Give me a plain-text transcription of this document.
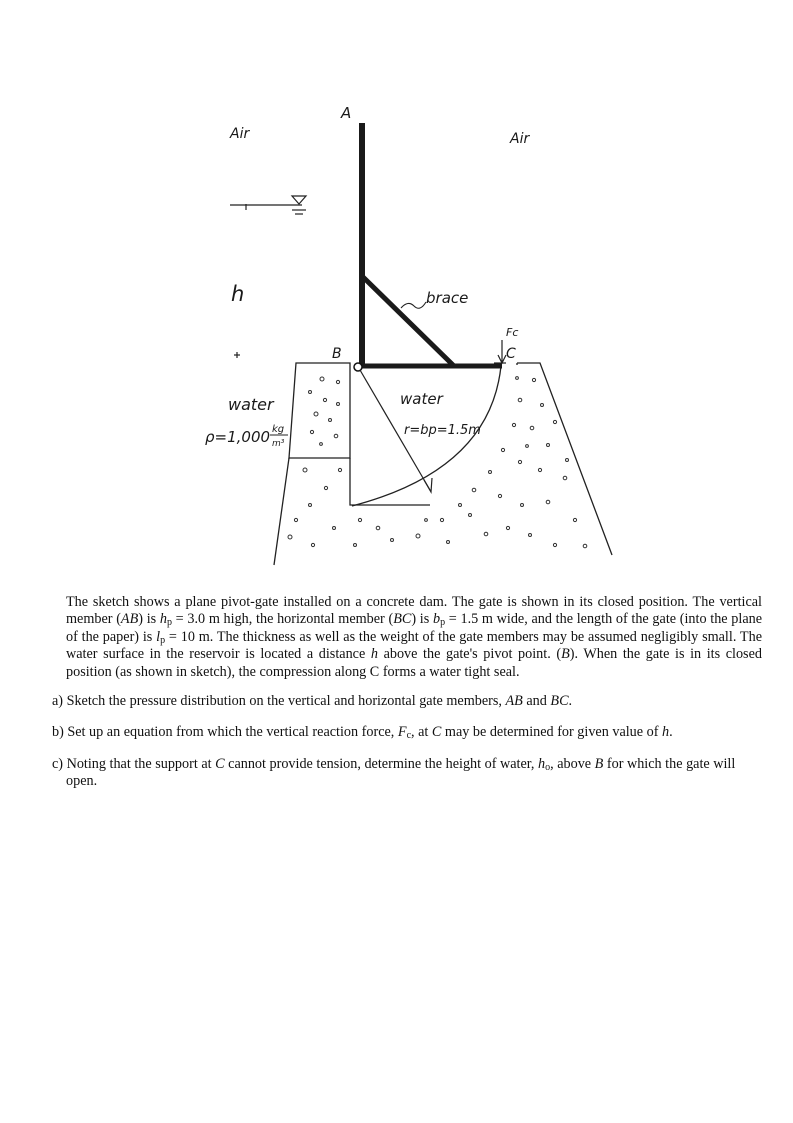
A
Air	Air
h	brace
Fc
B	C
water
ρ=1,000 kg
m³
water
r=bp=1.5m

The sketch shows a plane pivot-gate installed on a concrete dam. The gate is shown in its closed position. The vertical member (AB) is $h_p = 3.0$ m high, the horizontal member (BC) is $b_p = 1.5$ m wide, and the length of the gate (into the plane of the paper) is $l_p = 10$ m. The thickness as well as the weight of the gate members may be assumed negligibly small. The water surface in the reservoir is located a distance h above the gate's pivot point. (B). When the gate is in its closed position (as shown in sketch), the compression along C forms a water tight seal.

a) Sketch the pressure distribution on the vertical and horizontal gate members, AB and BC.

b) Set up an equation from which the vertical reaction force, $F_c$, at C may be determined for given value of h.

c) Noting that the support at C cannot provide tension, determine the height of water, $h_o$, above B for which the gate will open.
